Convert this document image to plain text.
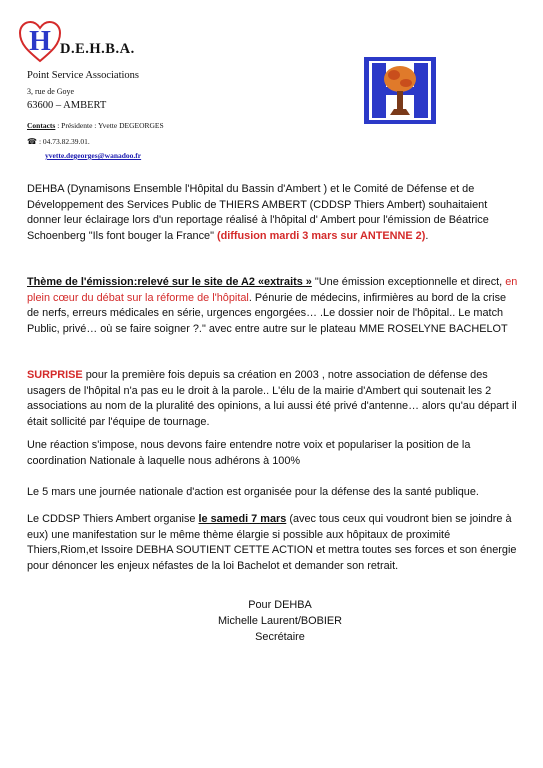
H D.E.H.B.A.
Point Service Associations
3, rue de Goye
63600 – AMBERT
Contacts : Présidente : Yvette DEGEORGES
☎ : 04.73.82.39.01.
yvette.degeorges@wanadoo.fr
DEHBA (Dynamisons Ensemble l'Hôpital du Bassin d'Ambert ) et le Comité de Défense et de Développement des Services Public de THIERS AMBERT (CDDSP Thiers Ambert) souhaitaient donner leur éclairage lors d'un reportage réalisé à l'hôpital d' Ambert pour l'émission de Béatrice Schoenberg "Ils font bouger la France" (diffusion mardi 3 mars sur ANTENNE 2).
Thème de l'émission:relevé sur le site de A2 «extraits » "Une émission exceptionnelle et direct, en plein cœur du débat sur la réforme de l'hôpital. Pénurie de médecins, infirmières au bord de la crise de nerfs, erreurs médicales en série, urgences engorgées… .Le dossier noir de l'hôpital.. Le match Public, privé… où se faire soigner ?." avec entre autre sur le plateau MME ROSELYNE BACHELOT
SURPRISE pour la première fois depuis sa création en 2003 , notre association de défense des usagers de l'hôpital n'a pas eu le droit à la parole.. L'élu de la mairie d'Ambert qui soutenait les 2 associations au nom de la pluralité des opinions, a lui aussi été privé d'antenne… alors qu'au départ il était sollicité par l'équipe de tournage.
Une réaction s'impose, nous devons faire entendre notre voix et populariser la position de la coordination Nationale à laquelle nous adhérons à 100%
Le 5 mars une journée nationale d'action est organisée pour la défense des la santé publique.
Le CDDSP Thiers Ambert organise le samedi 7 mars (avec tous ceux qui voudront bien se joindre à eux) une manifestation sur le même thème élargie si possible aux hôpitaux de proximité Thiers,Riom,et Issoire DEBHA SOUTIENT CETTE ACTION et mettra toutes ses forces et son énergie pour dénoncer les enjeux néfastes de la loi Bachelot et demander son retrait.
Pour DEHBA
Michelle Laurent/BOBIER
Secrétaire
